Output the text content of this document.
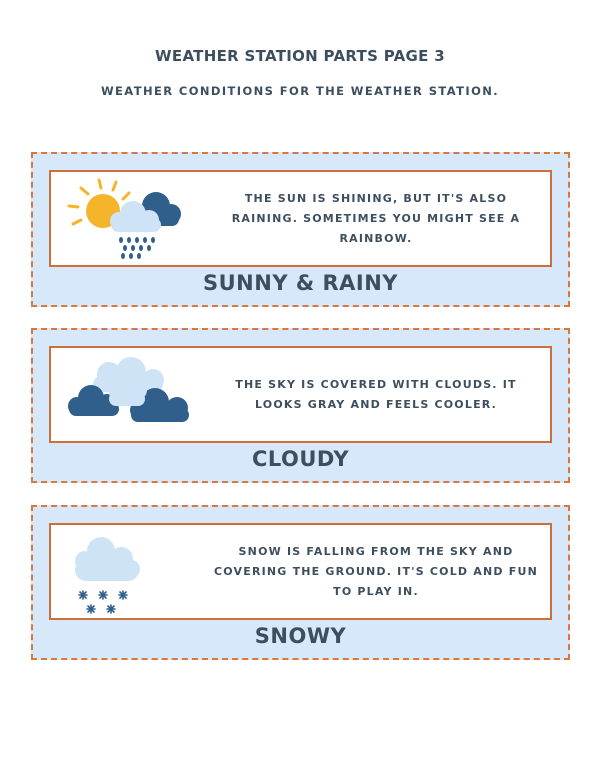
WEATHER STATION PARTS PAGE 3
WEATHER CONDITIONS FOR THE WEATHER STATION.
THE SUN IS SHINING, BUT IT'S ALSO RAINING. SOMETIMES YOU MIGHT SEE A RAINBOW.
SUNNY & RAINY
THE SKY IS COVERED WITH CLOUDS. IT LOOKS GRAY AND FEELS COOLER.
CLOUDY
SNOW IS FALLING FROM THE SKY AND COVERING THE GROUND. IT'S COLD AND FUN TO PLAY IN.
SNOWY
